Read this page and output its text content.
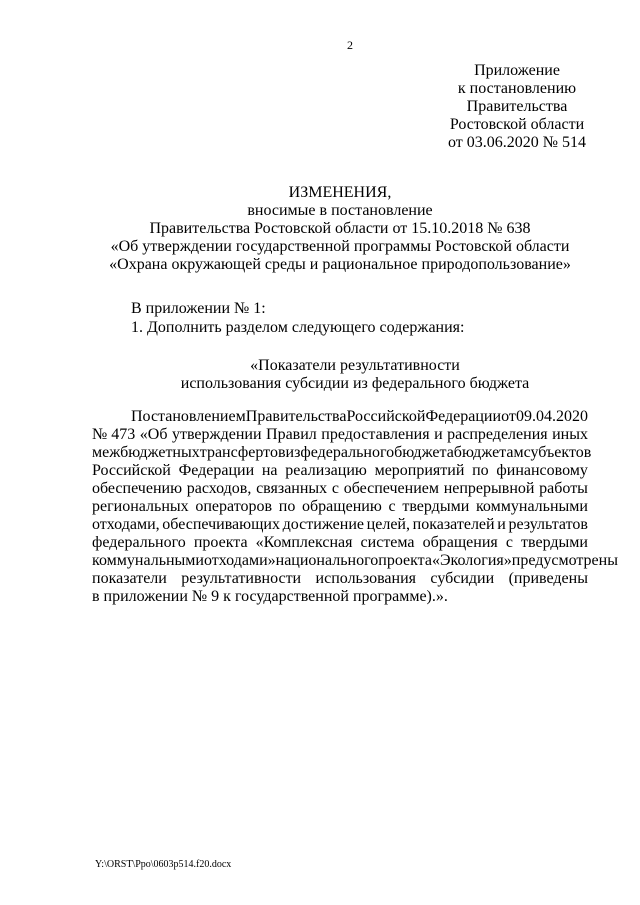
2
Приложение
к постановлению
Правительства
Ростовской области
от 03.06.2020 № 514
ИЗМЕНЕНИЯ,
вносимые в постановление
Правительства Ростовской области от 15.10.2018 № 638
«Об утверждении государственной программы Ростовской области
«Охрана окружающей среды и рациональное природопользование»
В приложении № 1:
1. Дополнить разделом следующего содержания:
«Показатели результативности
использования субсидии из федерального бюджета
Постановлением Правительства Российской Федерации от 09.04.2020
№ 473 «Об утверждении Правил предоставления и распределения иных
межбюджетных трансфертов из федерального бюджета бюджетам субъектов
Российской Федерации на реализацию мероприятий по финансовому
обеспечению расходов, связанных с обеспечением непрерывной работы
региональных операторов по обращению с твердыми коммунальными
отходами, обеспечивающих достижение целей, показателей и результатов
федерального проекта «Комплексная система обращения с твердыми
коммунальными отходами» национального проекта «Экология» предусмотрены
показатели результативности использования субсидии (приведены
в приложении № 9 к государственной программе).».
Y:\ORST\Ppo\0603p514.f20.docx
